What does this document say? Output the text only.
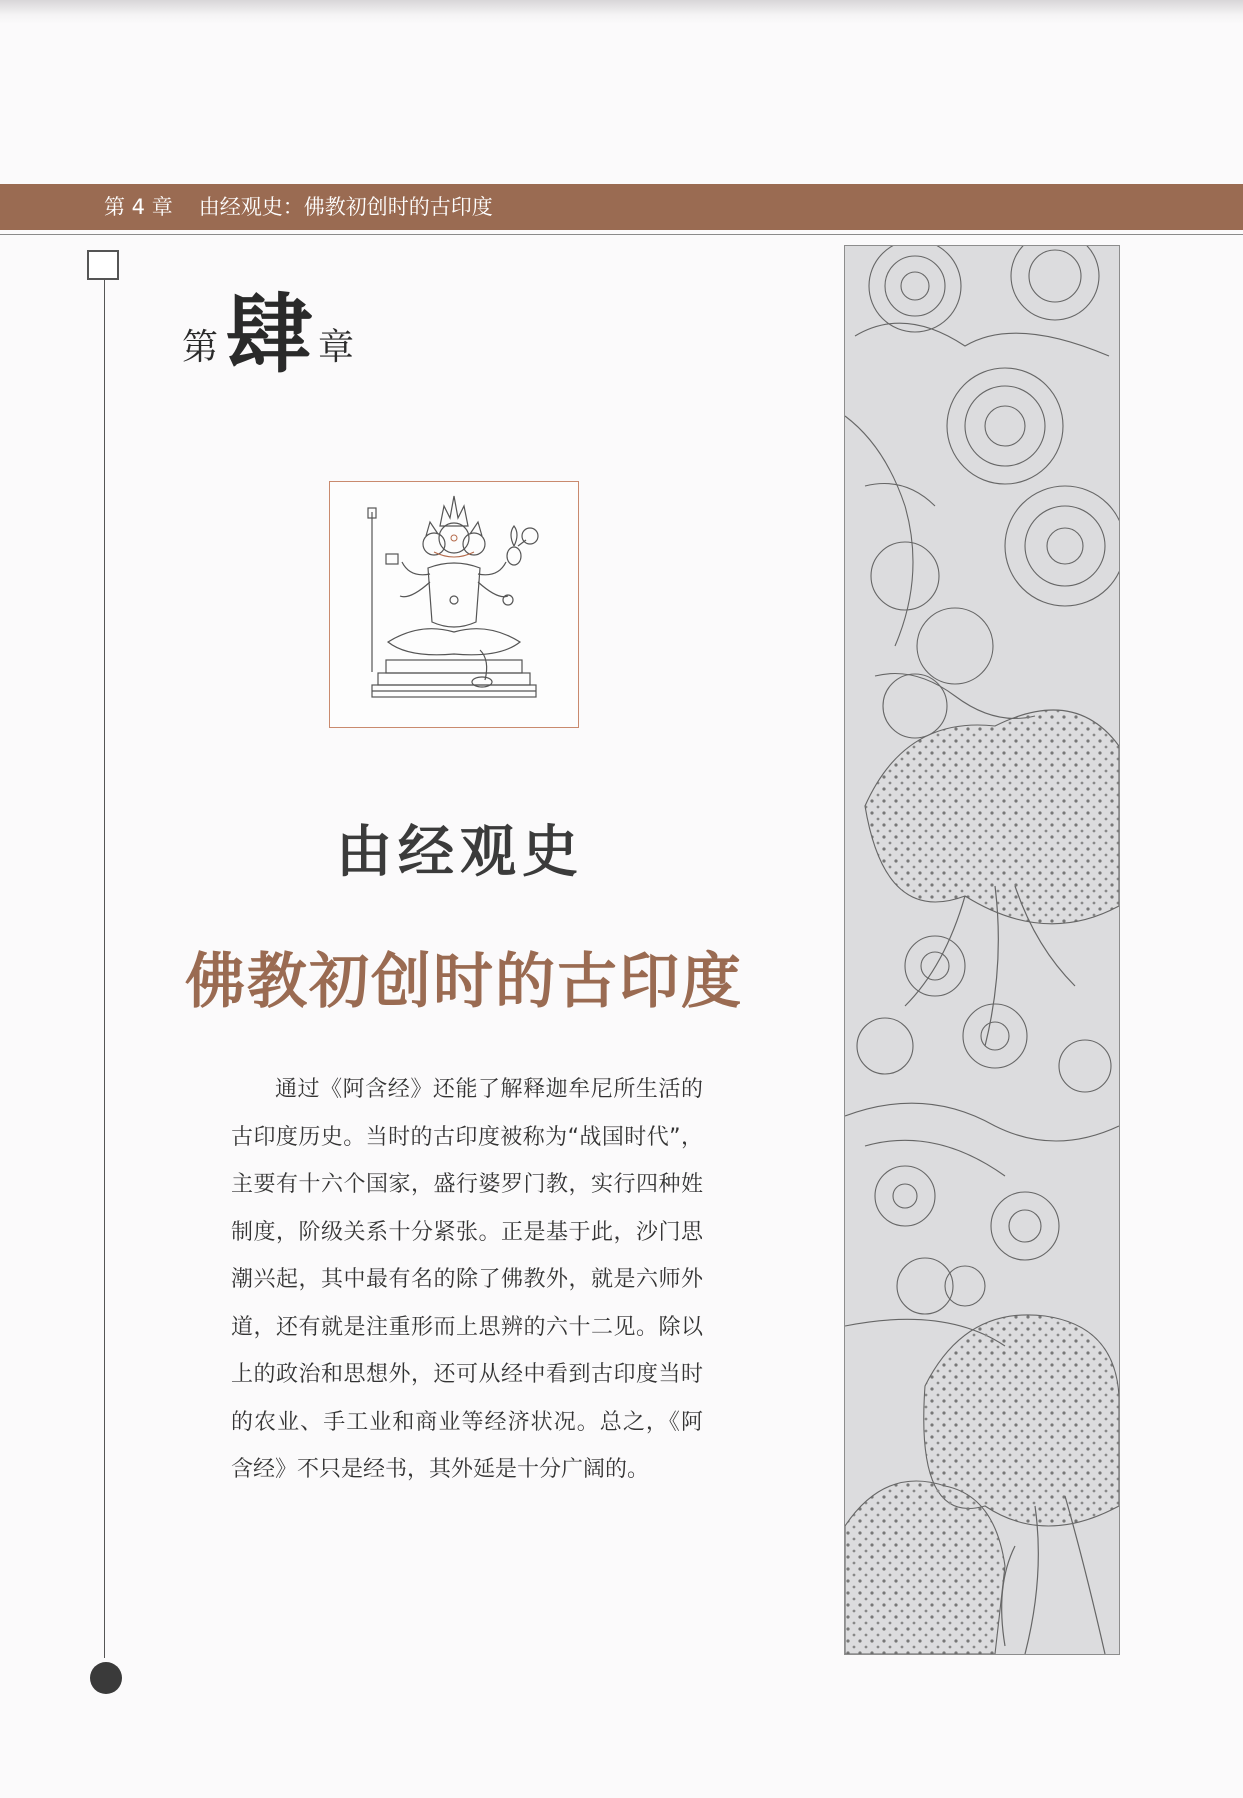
第 4 章 由经观史：佛教初创时的古印度
第肆 章
由经观史
佛教初创时的古印度
通过《阿含经》还能了解释迦牟尼所生活的古印度历史。当时的古印度被称为“战国时代”，主要有十六个国家，盛行婆罗门教，实行四种姓制度，阶级关系十分紧张。正是基于此，沙门思潮兴起，其中最有名的除了佛教外，就是六师外道，还有就是注重形而上思辨的六十二见。除以上的政治和思想外，还可从经中看到古印度当时的农业、手工业和商业等经济状况。总之，《阿含经》不只是经书，其外延是十分广阔的。
